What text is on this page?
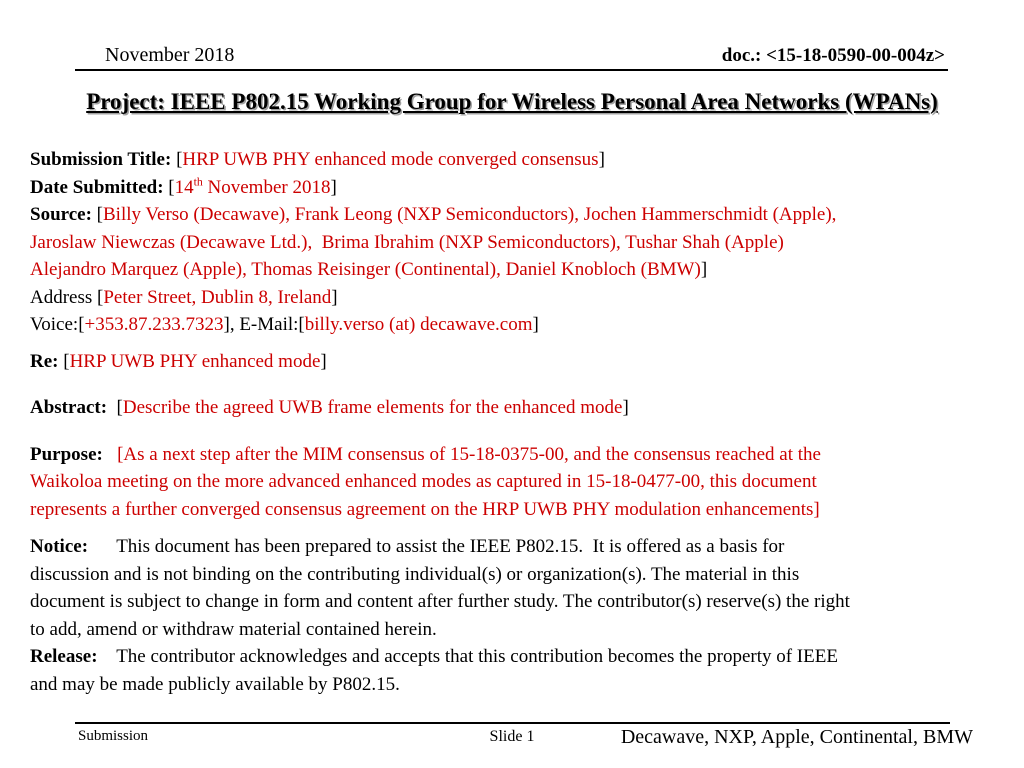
November 2018	doc.: <15-18-0590-00-004z>
Project: IEEE P802.15 Working Group for Wireless Personal Area Networks (WPANs)
Submission Title: [HRP UWB PHY enhanced mode converged consensus]
Date Submitted: [14th November 2018]
Source: [Billy Verso (Decawave), Frank Leong (NXP Semiconductors), Jochen Hammerschmidt (Apple),
Jaroslaw Niewczas (Decawave Ltd.),  Brima Ibrahim (NXP Semiconductors), Tushar Shah (Apple)
Alejandro Marquez (Apple), Thomas Reisinger (Continental), Daniel Knobloch (BMW)]
Address [Peter Street, Dublin 8, Ireland]
Voice:[+353.87.233.7323], E-Mail:[billy.verso (at) decawave.com]
Re: [HRP UWB PHY enhanced mode]
Abstract:  [Describe the agreed UWB frame elements for the enhanced mode]
Purpose:   [As a next step after the MIM consensus of 15-18-0375-00, and the consensus reached at the
Waikoloa meeting on the more advanced enhanced modes as captured in 15-18-0477-00, this document
represents a further converged consensus agreement on the HRP UWB PHY modulation enhancements]
Notice:      This document has been prepared to assist the IEEE P802.15.  It is offered as a basis for
discussion and is not binding on the contributing individual(s) or organization(s). The material in this
document is subject to change in form and content after further study. The contributor(s) reserve(s) the right
to add, amend or withdraw material contained herein.
Release:    The contributor acknowledges and accepts that this contribution becomes the property of IEEE
and may be made publicly available by P802.15.
Submission	Slide 1	Decawave, NXP, Apple, Continental, BMW
